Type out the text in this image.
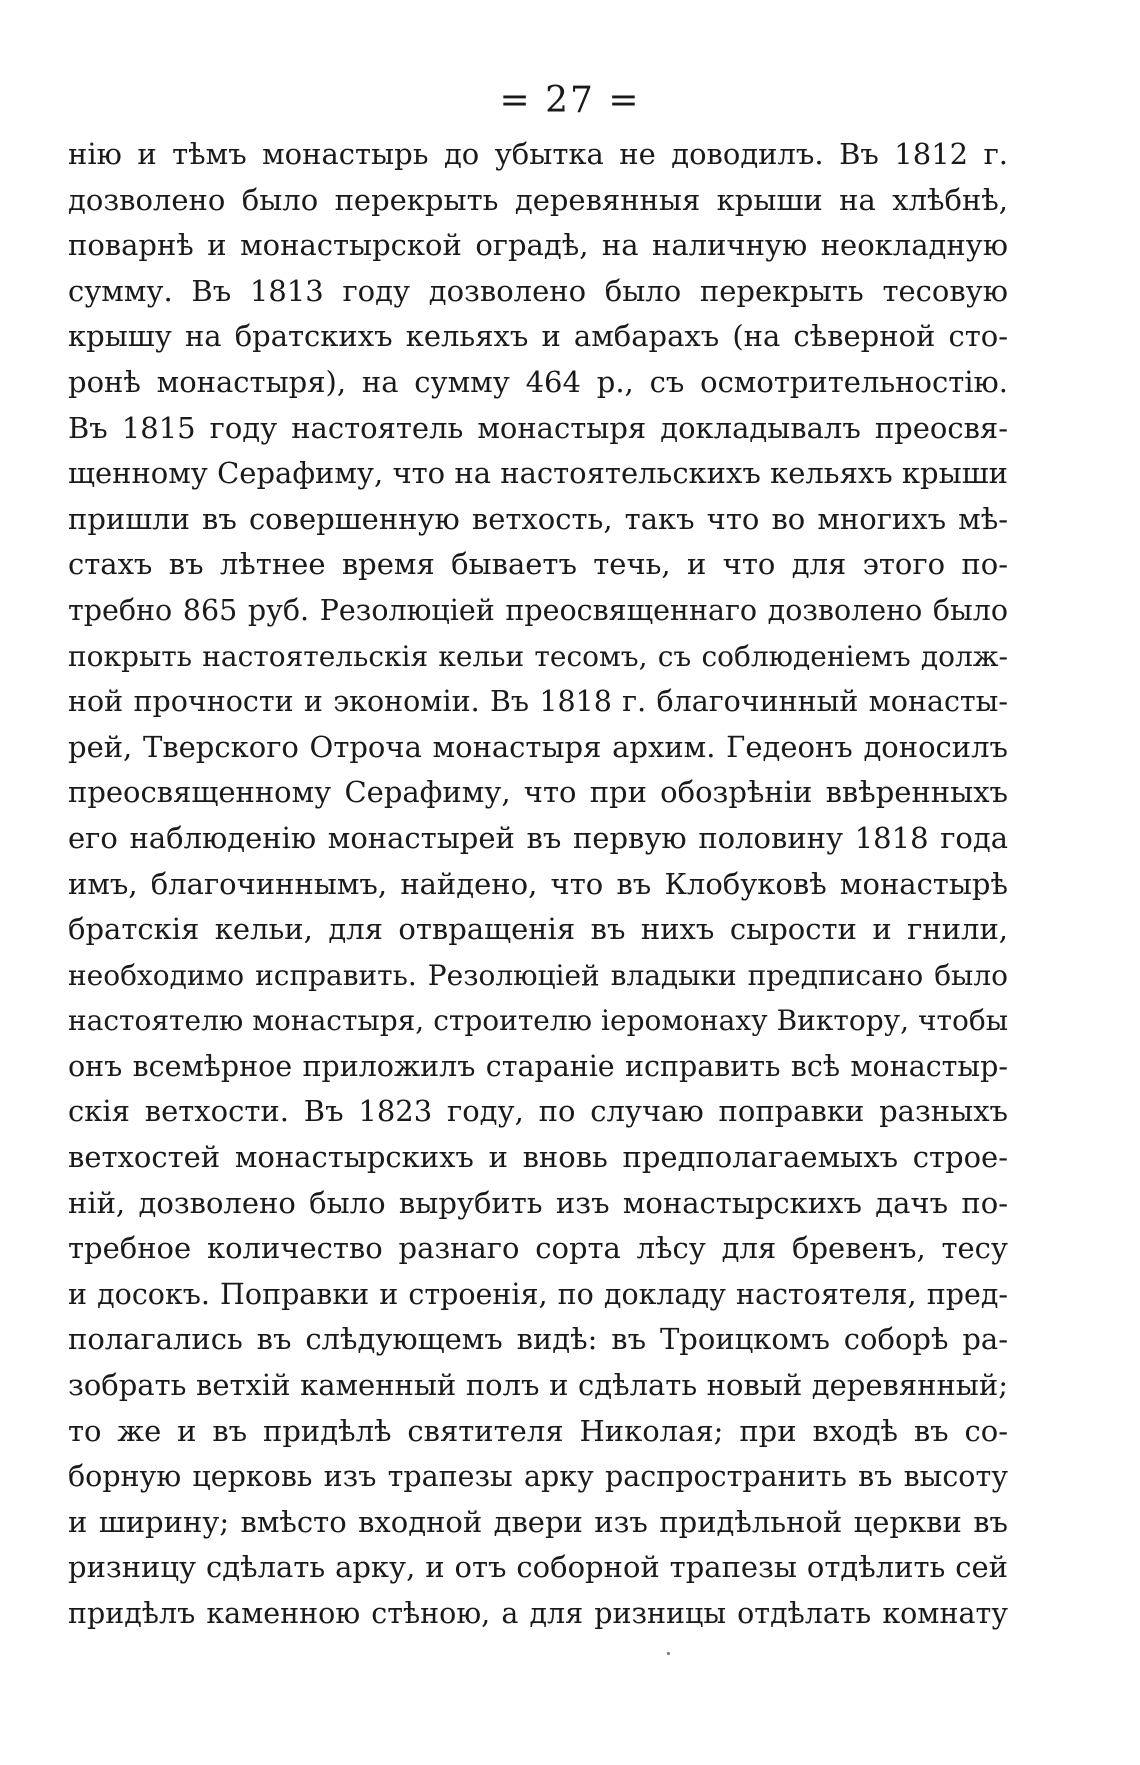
= 27 =
нію и тѣмъ монастырь до убытка не доводилъ. Въ 1812 г.
дозволено было перекрыть деревянныя крыши на хлѣбнѣ,
поварнѣ и монастырской оградѣ, на наличную неокладную
сумму. Въ 1813 году дозволено было перекрыть тесовую
крышу на братскихъ кельяхъ и амбарахъ (на сѣверной сто-
ронѣ монастыря), на сумму 464 р., съ осмотрительностію.
Въ 1815 году настоятель монастыря докладывалъ преосвя-
щенному Серафиму, что на настоятельскихъ кельяхъ крыши
пришли въ совершенную ветхость, такъ что во многихъ мѣ-
стахъ въ лѣтнее время бываетъ течь, и что для этого по-
требно 865 руб. Резолюціей преосвященнаго дозволено было
покрыть настоятельскія кельи тесомъ, съ соблюденіемъ долж-
ной прочности и экономіи. Въ 1818 г. благочинный монасты-
рей, Тверского Отроча монастыря архим. Гедеонъ доносилъ
преосвященному Серафиму, что при обозрѣніи ввѣренныхъ
его наблюденію монастырей въ первую половину 1818 года
имъ, благочиннымъ, найдено, что въ Клобуковѣ монастырѣ
братскія кельи, для отвращенія въ нихъ сырости и гнили,
необходимо исправить. Резолюціей владыки предписано было
настоятелю монастыря, строителю іеромонаху Виктору, чтобы
онъ всемѣрное приложилъ стараніе исправить всѣ монастыр-
скія ветхости. Въ 1823 году, по случаю поправки разныхъ
ветхостей монастырскихъ и вновь предполагаемыхъ строе-
ній, дозволено было вырубить изъ монастырскихъ дачъ по-
требное количество разнаго сорта лѣсу для бревенъ, тесу
и досокъ. Поправки и строенія, по докладу настоятеля, пред-
полагались въ слѣдующемъ видѣ: въ Троицкомъ соборѣ ра-
зобрать ветхій каменный полъ и сдѣлать новый деревянный;
то же и въ придѣлѣ святителя Николая; при входѣ въ со-
борную церковь изъ трапезы арку распространить въ высоту
и ширину; вмѣсто входной двери изъ придѣльной церкви въ
ризницу сдѣлать арку, и отъ соборной трапезы отдѣлить сей
придѣлъ каменною стѣною, а для ризницы отдѣлать комнату
